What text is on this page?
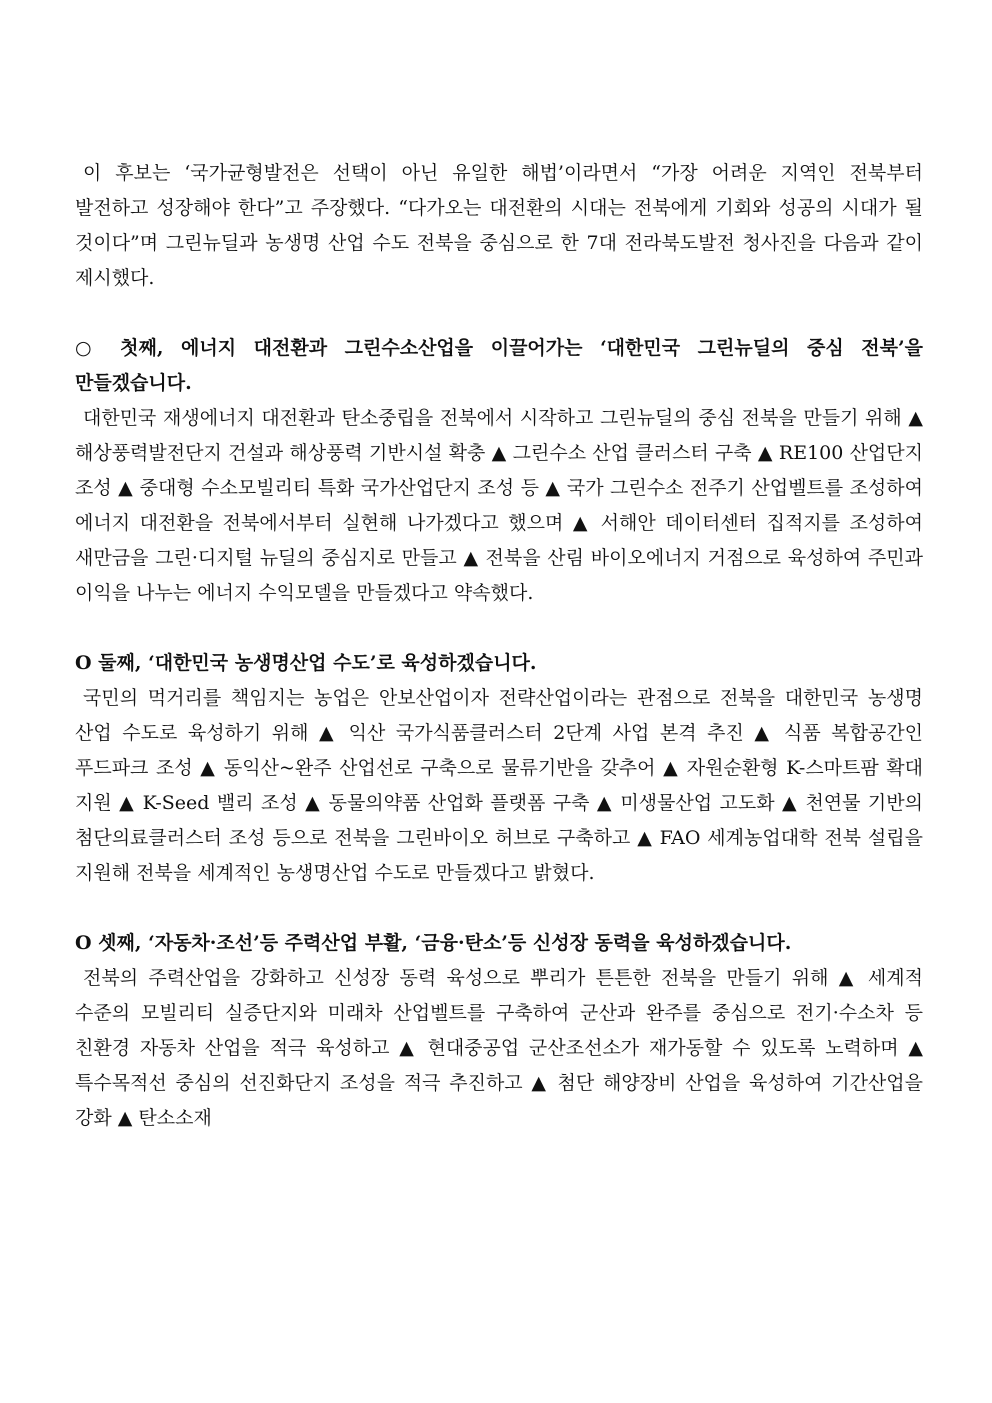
이 후보는 ‘국가균형발전은 선택이 아닌 유일한 해법’이라면서 “가장 어려운 지역인 전북부터 발전하고 성장해야 한다”고 주장했다. “다가오는 대전환의 시대는 전북에게 기회와 성공의 시대가 될 것이다”며 그린뉴딜과 농생명 산업 수도 전북을 중심으로 한 7대 전라북도발전 청사진을 다음과 같이 제시했다.

○ 첫째, 에너지 대전환과 그린수소산업을 이끌어가는 ‘대한민국 그린뉴딜의 중심 전북’을 만들겠습니다.

대한민국 재생에너지 대전환과 탄소중립을 전북에서 시작하고 그린뉴딜의 중심 전북을 만들기 위해 ▲ 해상풍력발전단지 건설과 해상풍력 기반시설 확충 ▲ 그린수소 산업 클러스터 구축 ▲ RE100 산업단지 조성 ▲ 중대형 수소모빌리티 특화 국가산업단지 조성 등 ▲ 국가 그린수소 전주기 산업벨트를 조성하여 에너지 대전환을 전북에서부터 실현해 나가겠다고 했으며 ▲ 서해안 데이터센터 집적지를 조성하여 새만금을 그린·디지털 뉴딜의 중심지로 만들고 ▲ 전북을 산림 바이오에너지 거점으로 육성하여 주민과 이익을 나누는 에너지 수익모델을 만들겠다고 약속했다.

O 둘째, ‘대한민국 농생명산업 수도’로 육성하겠습니다.

국민의 먹거리를 책임지는 농업은 안보산업이자 전략산업이라는 관점으로 전북을 대한민국 농생명 산업 수도로 육성하기 위해 ▲ 익산 국가식품클러스터 2단계 사업 본격 추진 ▲ 식품 복합공간인 푸드파크 조성 ▲ 동익산~완주 산업선로 구축으로 물류기반을 갖추어 ▲ 자원순환형 K-스마트팜 확대 지원 ▲ K-Seed 밸리 조성 ▲ 동물의약품 산업화 플랫폼 구축 ▲ 미생물산업 고도화 ▲ 천연물 기반의 첨단의료클러스터 조성 등으로 전북을 그린바이오 허브로 구축하고 ▲ FAO 세계농업대학 전북 설립을 지원해 전북을 세계적인 농생명산업 수도로 만들겠다고 밝혔다.

O 셋째, ‘자동차·조선’등 주력산업 부활, ‘금융·탄소’등 신성장 동력을 육성하겠습니다.

전북의 주력산업을 강화하고 신성장 동력 육성으로 뿌리가 튼튼한 전북을 만들기 위해 ▲ 세계적 수준의 모빌리티 실증단지와 미래차 산업벨트를 구축하여 군산과 완주를 중심으로 전기·수소차 등 친환경 자동차 산업을 적극 육성하고 ▲ 현대중공업 군산조선소가 재가동할 수 있도록 노력하며 ▲ 특수목적선 중심의 선진화단지 조성을 적극 추진하고 ▲ 첨단 해양장비 산업을 육성하여 기간산업을 강화 ▲ 탄소소재
